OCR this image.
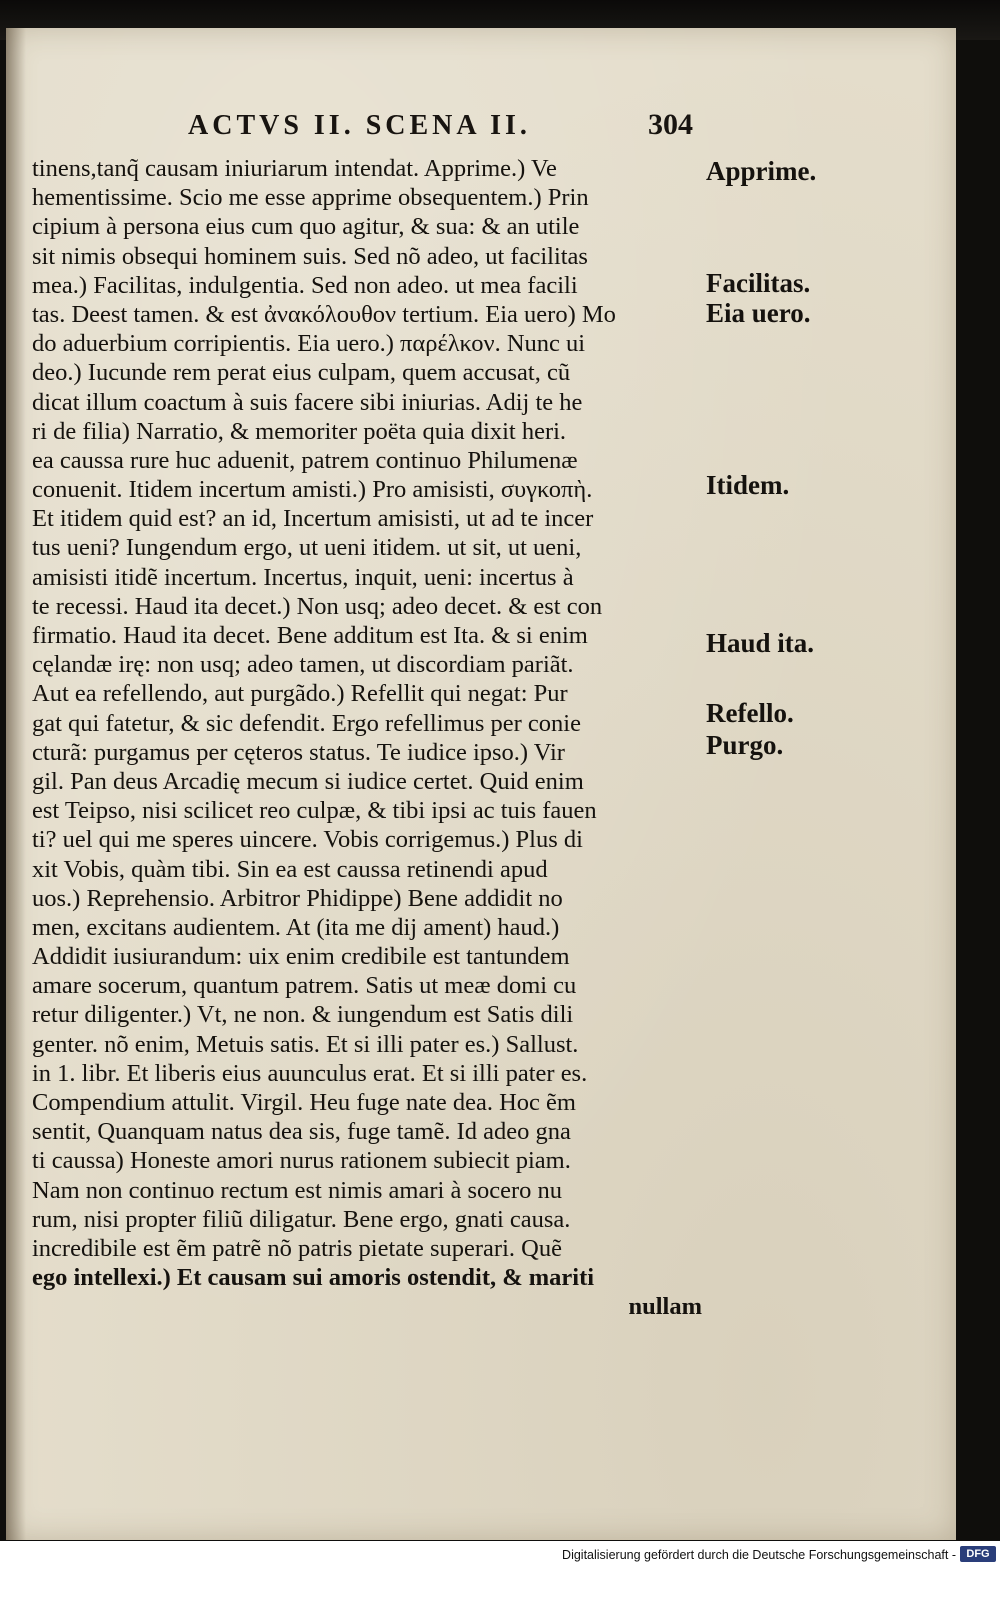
ACTVS II. SCENA II.	304
tinens,tanq̃ causam iniuriarum intendat. Apprime.) Ve
hementissime. Scio me esse apprime obsequentem.) Prin
cipium à persona eius cum quo agitur, & sua: & an utile
sit nimis obsequi hominem suis. Sed nõ adeo, ut facilitas
mea.) Facilitas, indulgentia. Sed non adeo. ut mea facili
tas. Deest tamen. & est ἀνακόλουθον tertium. Eia uero) Mo
do aduerbium corripientis. Eia uero.) παρέλκον. Nunc ui
deo.) Iucunde rem perat eius culpam, quem accusat, cũ
dicat illum coactum à suis facere sibi iniurias. Adij te he
ri de filia) Narratio, & memoriter poëta quia dixit heri.
ea caussa rure huc aduenit, patrem continuo Philumenæ
conuenit. Itidem incertum amisti.) Pro amisisti, συγκοπὴ.
Et itidem quid est? an id, Incertum amisisti, ut ad te incer
tus ueni? Iungendum ergo, ut ueni itidem. ut sit, ut ueni,
amisisti itidẽ incertum. Incertus, inquit, ueni: incertus à
te recessi. Haud ita decet.) Non usq; adeo decet. & est con
firmatio. Haud ita decet. Bene additum est Ita. & si enim
cęlandæ irę: non usq; adeo tamen, ut discordiam pariãt.
Aut ea refellendo, aut purgãdo.) Refellit qui negat: Pur
gat qui fatetur, & sic defendit. Ergo refellimus per conie
cturã: purgamus per cęteros status. Te iudice ipso.) Vir
gil. Pan deus Arcadię mecum si iudice certet. Quid enim
est Teipso, nisi scilicet reo culpæ, & tibi ipsi ac tuis fauen
ti? uel qui me speres uincere. Vobis corrigemus.) Plus di
xit Vobis, quàm tibi. Sin ea est caussa retinendi apud
uos.) Reprehensio. Arbitror Phidippe) Bene addidit no
men, excitans audientem. At (ita me dij ament) haud.)
Addidit iusiurandum: uix enim credibile est tantundem
amare socerum, quantum patrem. Satis ut meæ domi cu
retur diligenter.) Vt, ne non. & iungendum est Satis dili
genter. nõ enim, Metuis satis. Et si illi pater es.) Sallust.
in 1. libr. Et liberis eius auunculus erat. Et si illi pater es.
Compendium attulit. Virgil. Heu fuge nate dea. Hoc ẽm
sentit, Quanquam natus dea sis, fuge tamẽ. Id adeo gna
ti caussa) Honeste amori nurus rationem subiecit piam.
Nam non continuo rectum est nimis amari à socero nu
rum, nisi propter filiũ diligatur. Bene ergo, gnati causa.
incredibile est ẽm patrẽ nõ patris pietate superari. Quẽ
ego intellexi.) Et causam sui amoris ostendit, & mariti
nullam
Apprime.
Facilitas.
Eia uero.
Itidem.
Haud ita.
Refello.
Purgo.
Digitalisierung gefördert durch die Deutsche Forschungsgemeinschaft - DFG
